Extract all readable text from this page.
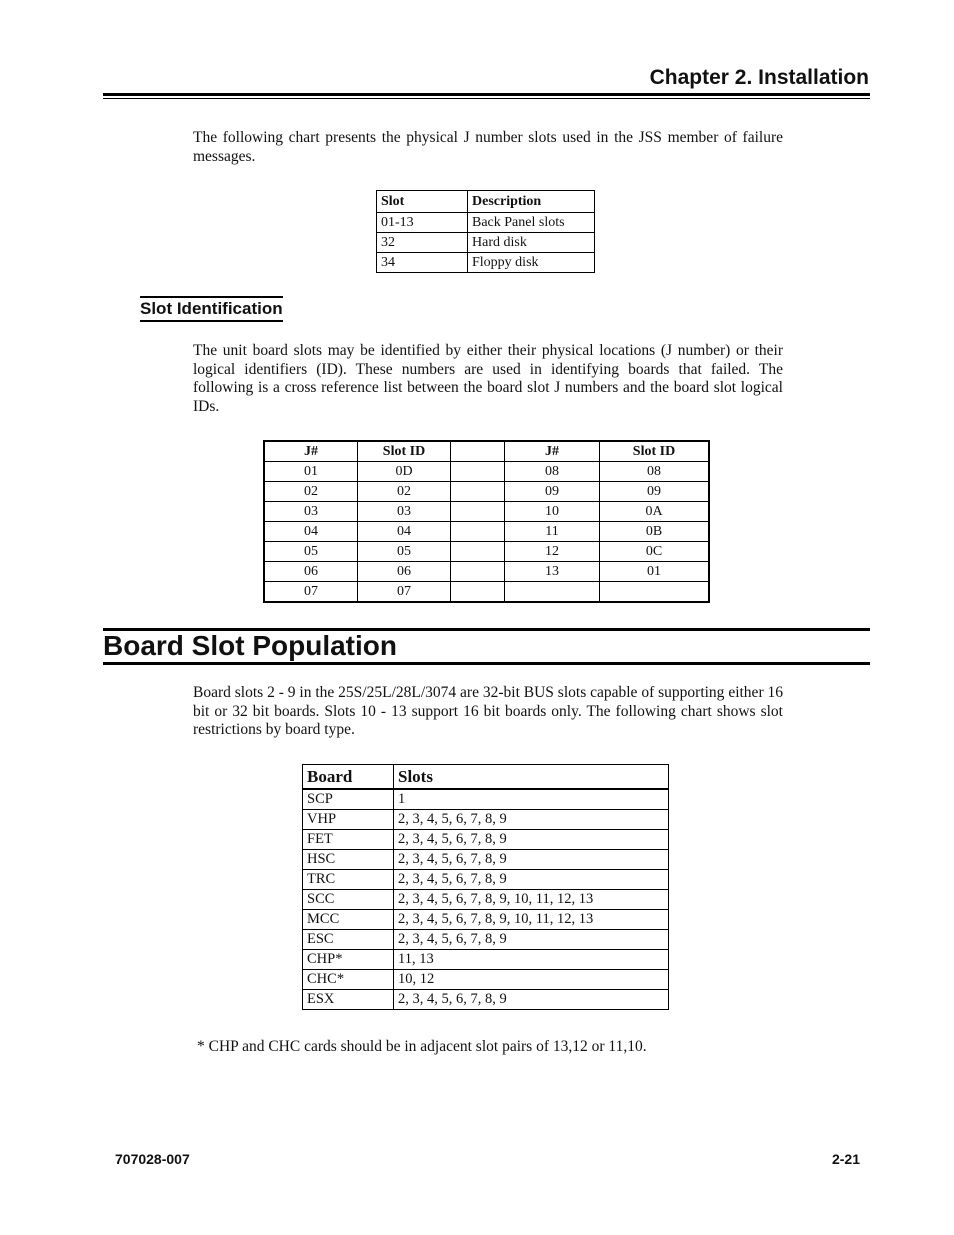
Chapter 2. Installation

The following chart presents the physical J number slots used in the JSS member of failure messages.

Slot	Description
01-13	Back Panel slots
32	Hard disk
34	Floppy disk
Slot Identification

The unit board slots may be identified by either their physical locations (J number) or their logical identifiers (ID). These numbers are used in identifying boards that failed. The following is a cross reference list between the board slot J numbers and the board slot logical IDs.

J#	Slot ID		J#	Slot ID
01	0D		08	08
02	02		09	09
03	03		10	0A
04	04		11	0B
05	05		12	0C
06	06		13	01
07	07			
Board Slot Population

Board slots 2 - 9 in the 25S/25L/28L/3074 are 32-bit BUS slots capable of supporting either 16 bit or 32 bit boards. Slots 10 - 13 support 16 bit boards only. The following chart shows slot restrictions by board type.

Board	Slots
SCP	1
VHP	2, 3, 4, 5, 6, 7, 8, 9
FET	2, 3, 4, 5, 6, 7, 8, 9
HSC	2, 3, 4, 5, 6, 7, 8, 9
TRC	2, 3, 4, 5, 6, 7, 8, 9
SCC	2, 3, 4, 5, 6, 7, 8, 9, 10, 11, 12, 13
MCC	2, 3, 4, 5, 6, 7, 8, 9, 10, 11, 12, 13
ESC	2, 3, 4, 5, 6, 7, 8, 9
CHP*	11, 13
CHC*	10, 12
ESX	2, 3, 4, 5, 6, 7, 8, 9

* CHP and CHC cards should be in adjacent slot pairs of 13,12 or 11,10.

707028-007	2-21
